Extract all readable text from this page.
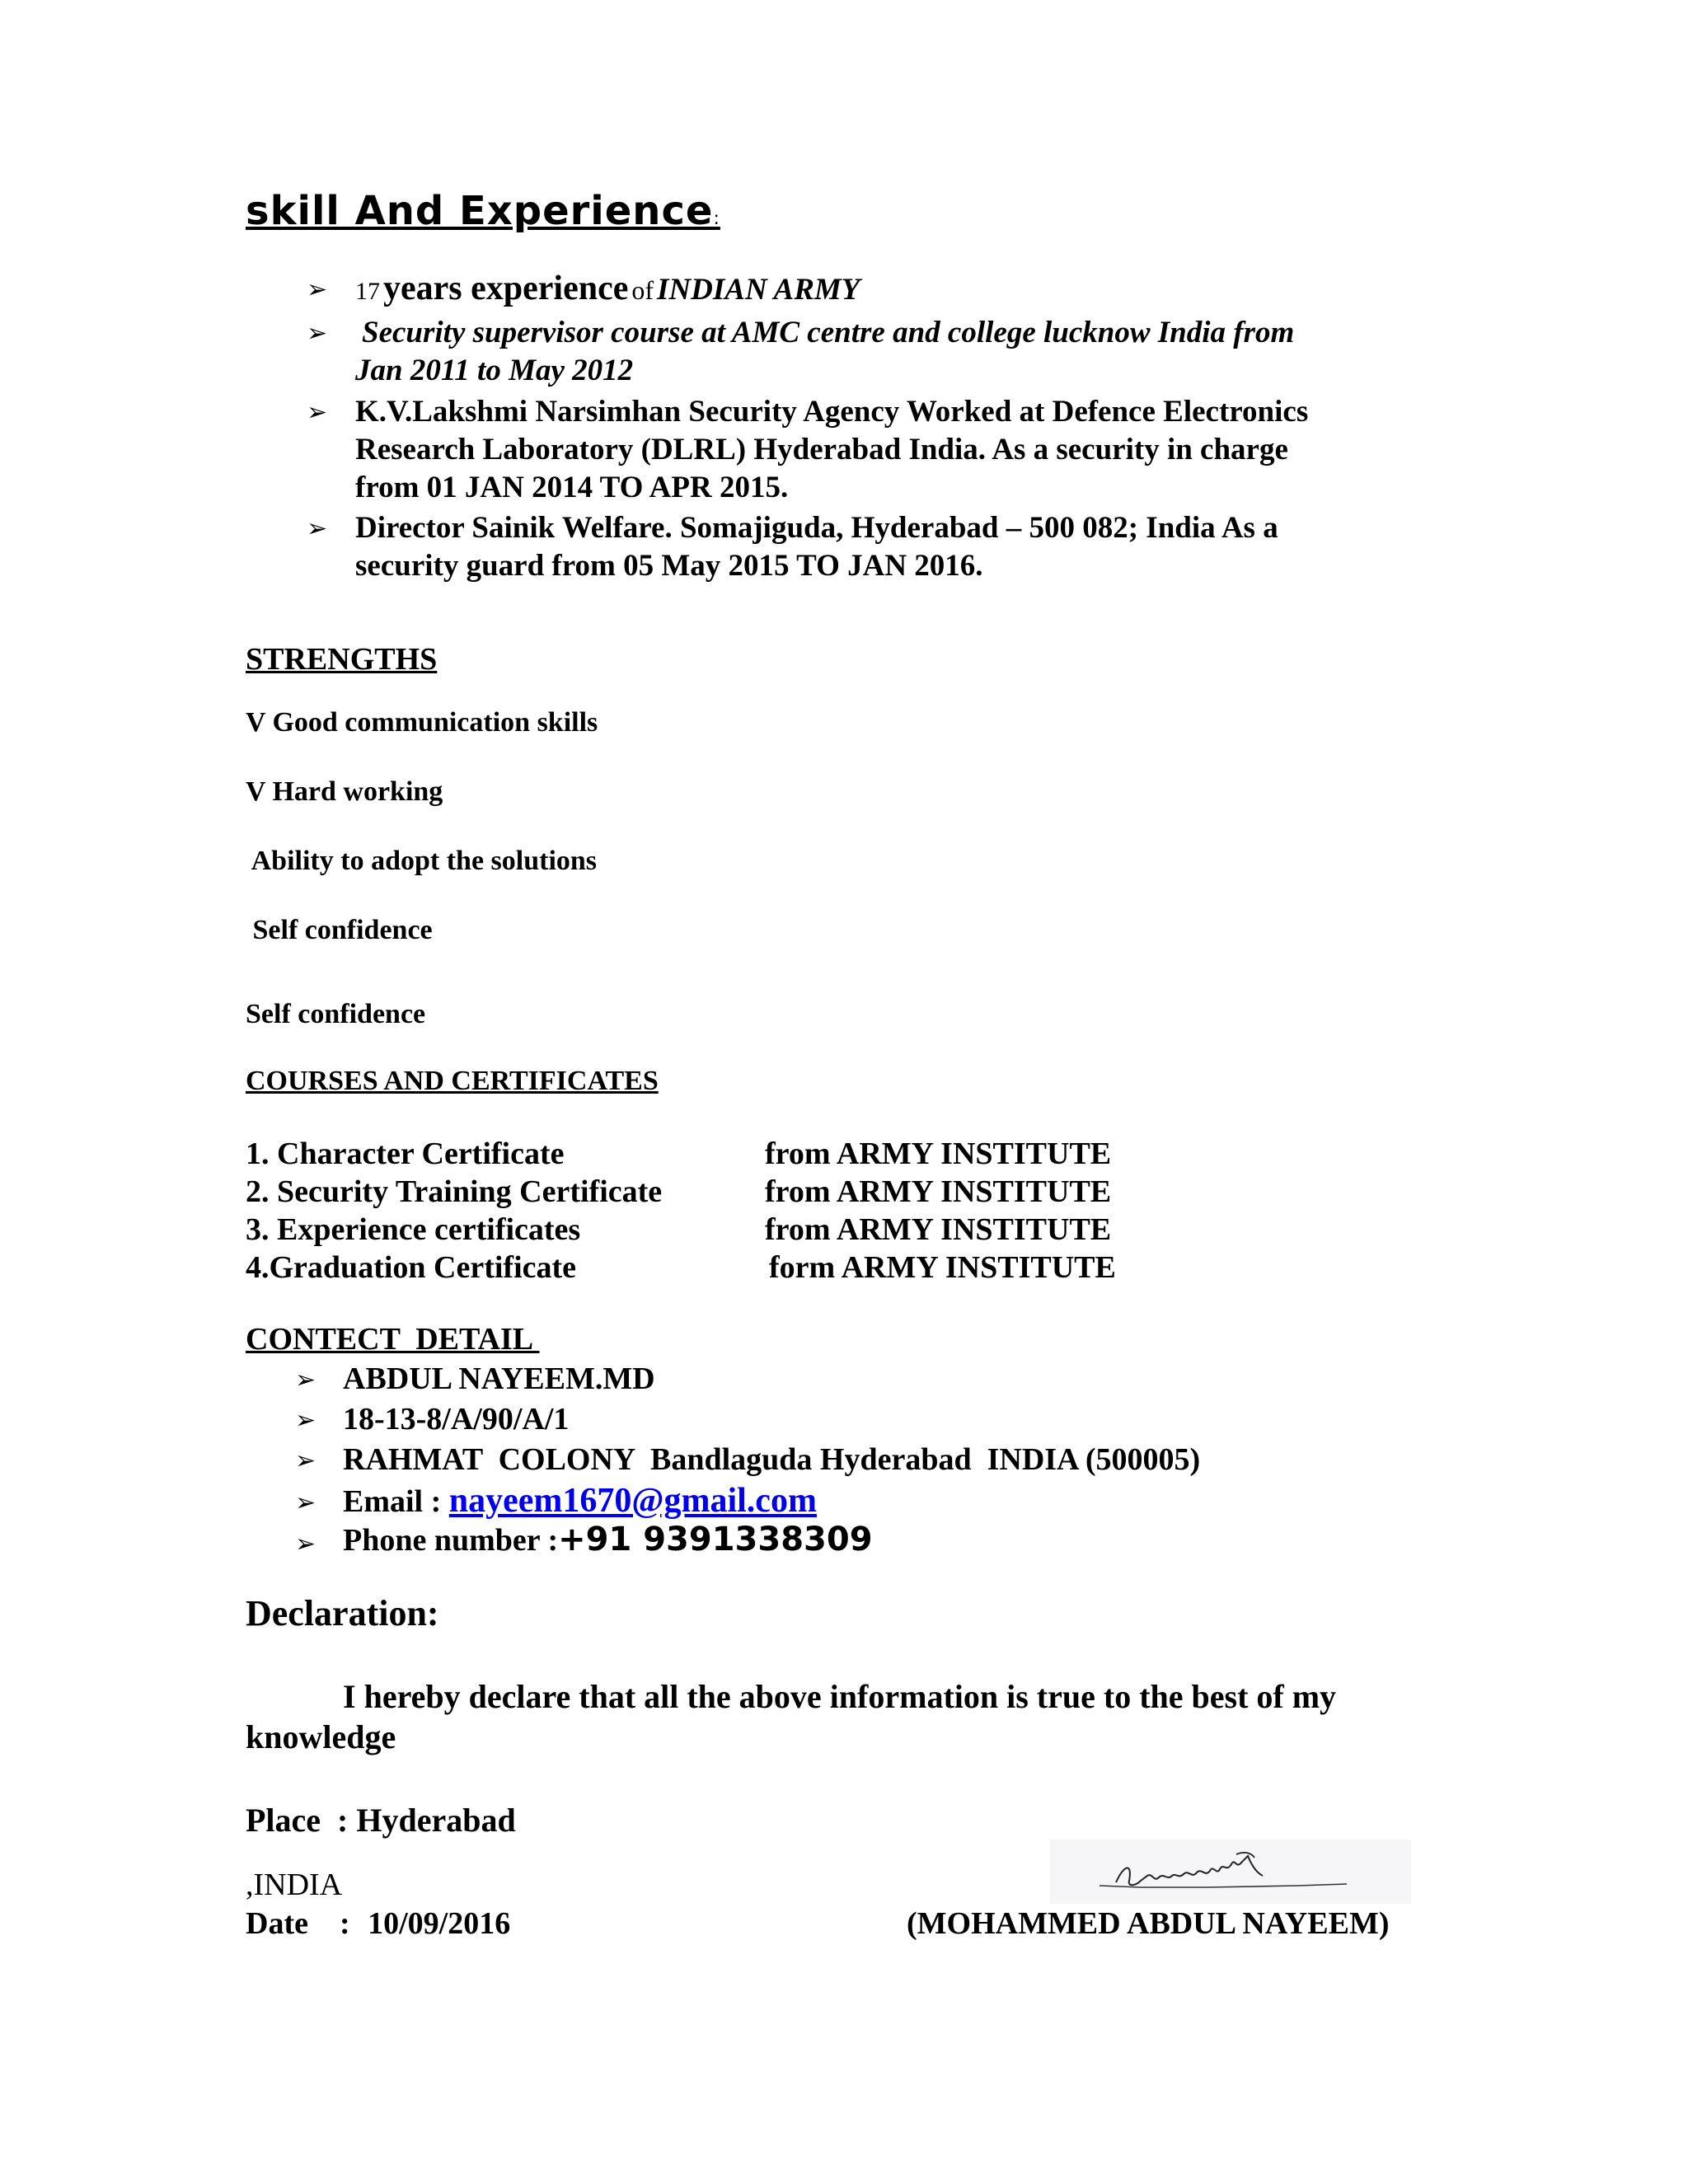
skill And Experience:
➢ 17 years experience of INDIAN ARMY
➢ Security supervisor course at AMC centre and college lucknow India from
Jan 2011 to May 2012
➢ K.V.Lakshmi Narsimhan Security Agency Worked at Defence Electronics
Research Laboratory (DLRL) Hyderabad India. As a security in charge
from 01 JAN 2014 TO APR 2015.
➢ Director Sainik Welfare. Somajiguda, Hyderabad – 500 082; India As a
security guard from 05 May 2015 TO JAN 2016.
STRENGTHS
V Good communication skills
V Hard working
Ability to adopt the solutions
Self confidence
Self confidence
COURSES AND CERTIFICATES
1. Character Certificate	from ARMY INSTITUTE
2. Security Training Certificate	from ARMY INSTITUTE
3. Experience certificates	from ARMY INSTITUTE
4.Graduation Certificate	form ARMY INSTITUTE
CONTECT  DETAIL
➢ ABDUL NAYEEM.MD
➢ 18-13-8/A/90/A/1
➢ RAHMAT  COLONY  Bandlaguda Hyderabad  INDIA (500005)
➢ Email : nayeem1670@gmail.com
➢ Phone number :+91 9391338309
Declaration:
I hereby declare that all the above information is true to the best of my
knowledge
Place  : Hyderabad
,INDIA
Date    : 10/09/2016	(MOHAMMED ABDUL NAYEEM)
